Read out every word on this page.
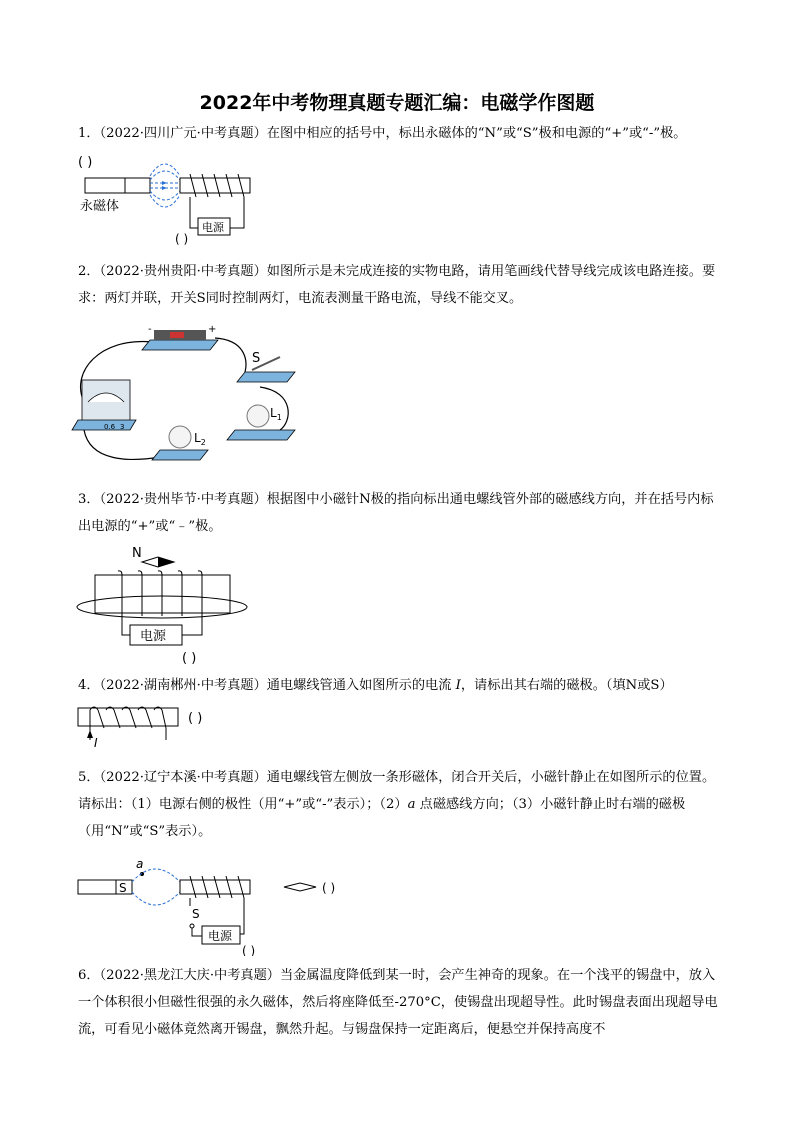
2022年中考物理真题专题汇编：电磁学作图题
1．（2022·四川广元·中考真题）在图中相应的括号中，标出永磁体的“N”或“S”极和电源的“+”或“-”极。
( )
电源
永磁体
( )
2．（2022·贵州贵阳·中考真题）如图所示是未完成连接的实物电路，请用笔画线代替导线完成该电路连接。要求：两灯并联，开关S同时控制两灯，电流表测量干路电流，导线不能交叉。
-	+
S
0.6 3
$L_1$
$L_2$
3．（2022·贵州毕节·中考真题）根据图中小磁针N极的指向标出通电螺线管外部的磁感线方向，并在括号内标出电源的“+”或“﹣”极。
N
电源
( )
4．（2022·湖南郴州·中考真题）通电螺线管通入如图所示的电流 I，请标出其右端的磁极。（填N或S）
I
( )
5．（2022·辽宁本溪·中考真题）通电螺线管左侧放一条形磁体，闭合开关后，小磁针静止在如图所示的位置。请标出：（1）电源右侧的极性（用“+”或“-”表示）；（2）a 点磁感线方向；（3）小磁针静止时右端的磁极（用“N”或“S”表示）。
S
a
S
电源
( )
( )
6．（2022·黑龙江大庆·中考真题）当金属温度降低到某一时，会产生神奇的现象。在一个浅平的锡盘中，放入一个体积很小但磁性很强的永久磁体，然后将座降低至-270°C，使锡盘出现超导性。此时锡盘表面出现超导电流，可看见小磁体竟然离开锡盘，飘然升起。与锡盘保持一定距离后，便悬空并保持高度不
